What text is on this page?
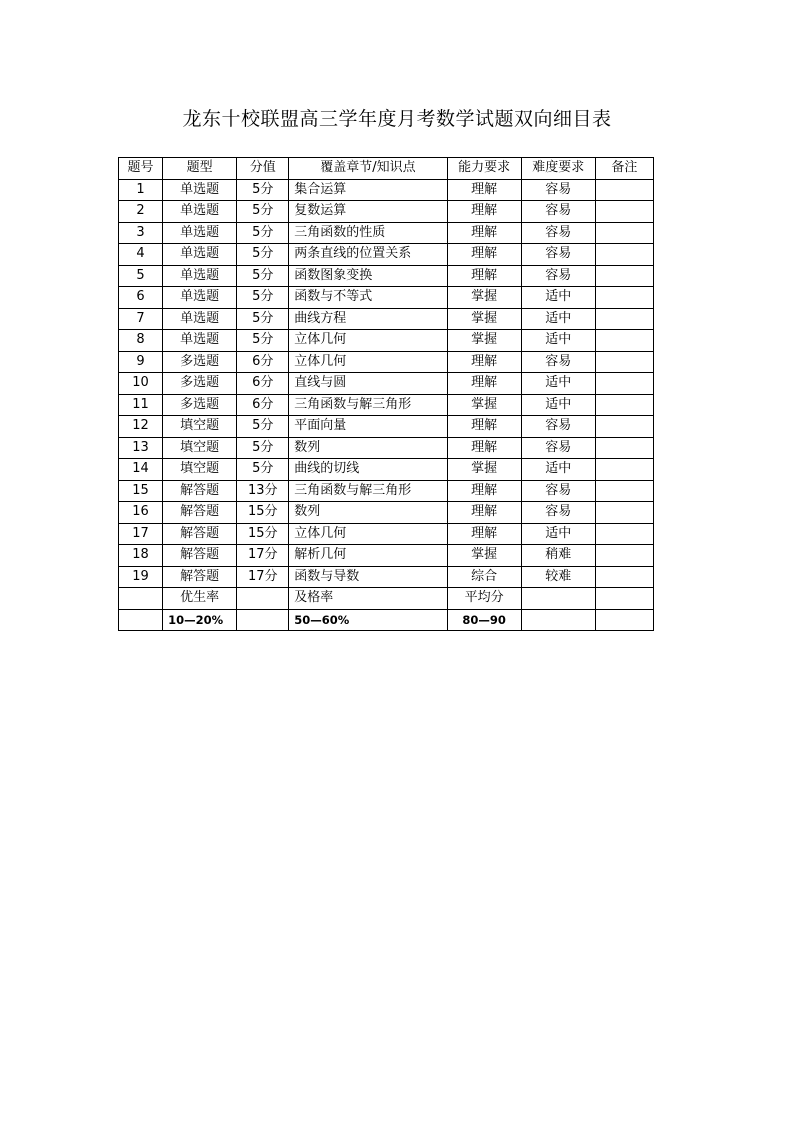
龙东十校联盟高三学年度月考数学试题双向细目表
题号	题型	分值	覆盖章节/知识点	能力要求	难度要求	备注
1	单选题	5分	集合运算	理解	容易	
2	单选题	5分	复数运算	理解	容易	
3	单选题	5分	三角函数的性质	理解	容易	
4	单选题	5分	两条直线的位置关系	理解	容易	
5	单选题	5分	函数图象变换	理解	容易	
6	单选题	5分	函数与不等式	掌握	适中	
7	单选题	5分	曲线方程	掌握	适中	
8	单选题	5分	立体几何	掌握	适中	
9	多选题	6分	立体几何	理解	容易	
10	多选题	6分	直线与圆	理解	适中	
11	多选题	6分	三角函数与解三角形	掌握	适中	
12	填空题	5分	平面向量	理解	容易	
13	填空题	5分	数列	理解	容易	
14	填空题	5分	曲线的切线	掌握	适中	
15	解答题	13分	三角函数与解三角形	理解	容易	
16	解答题	15分	数列	理解	容易	
17	解答题	15分	立体几何	理解	适中	
18	解答题	17分	解析几何	掌握	稍难	
19	解答题	17分	函数与导数	综合	较难	
	优生率		及格率	平均分		
	10—20%		50—60%	80—90		
